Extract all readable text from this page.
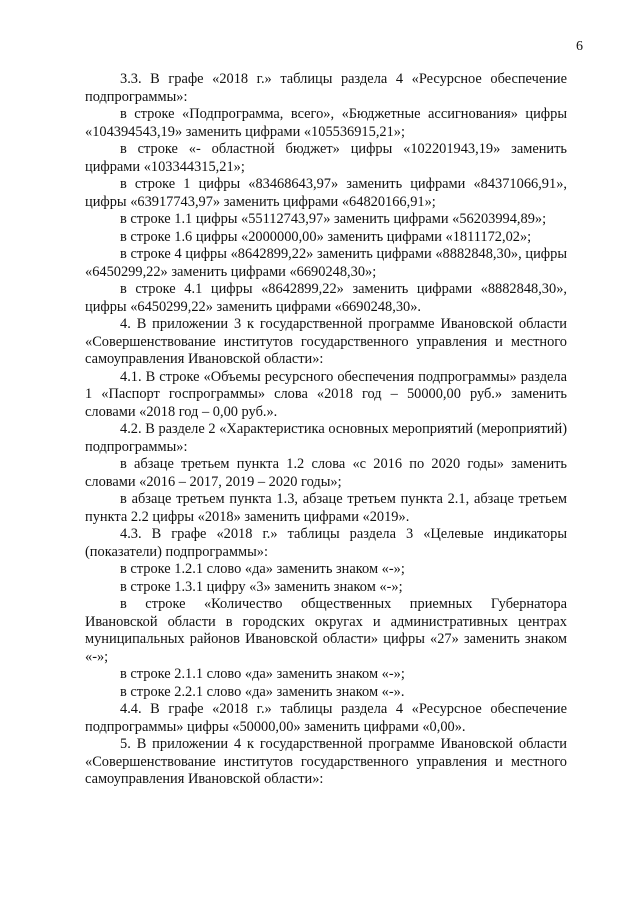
6

3.3. В графе «2018 г.» таблицы раздела 4 «Ресурсное обеспечение подпрограммы»:

в строке «Подпрограмма, всего», «Бюджетные ассигнования» цифры «104394543,19» заменить цифрами «105536915,21»;

в строке «- областной бюджет» цифры «102201943,19» заменить цифрами «103344315,21»;

в строке 1 цифры «83468643,97» заменить цифрами «84371066,91», цифры «63917743,97» заменить цифрами «64820166,91»;

в строке 1.1 цифры «55112743,97» заменить цифрами «56203994,89»;

в строке 1.6 цифры «2000000,00» заменить цифрами «1811172,02»;

в строке 4 цифры «8642899,22» заменить цифрами «8882848,30», цифры «6450299,22» заменить цифрами «6690248,30»;

в строке 4.1 цифры «8642899,22» заменить цифрами «8882848,30», цифры «6450299,22» заменить цифрами «6690248,30».

4. В приложении 3 к государственной программе Ивановской области «Совершенствование институтов государственного управления и местного самоуправления Ивановской области»:

4.1. В строке «Объемы ресурсного обеспечения подпрограммы» раздела 1 «Паспорт госпрограммы» слова «2018 год – 50000,00 руб.» заменить словами «2018 год – 0,00 руб.».

4.2. В разделе 2 «Характеристика основных мероприятий (мероприятий) подпрограммы»:

в абзаце третьем пункта 1.2 слова «с 2016 по 2020 годы» заменить словами «2016 – 2017, 2019 – 2020 годы»;

в абзаце третьем пункта 1.3, абзаце третьем пункта 2.1, абзаце третьем пункта 2.2 цифры «2018» заменить цифрами «2019».

4.3. В графе «2018 г.» таблицы раздела 3 «Целевые индикаторы (показатели) подпрограммы»:

в строке 1.2.1 слово «да» заменить знаком «-»;

в строке 1.3.1 цифру «3» заменить знаком «-»;

в строке «Количество общественных приемных Губернатора Ивановской области в городских округах и административных центрах муниципальных районов Ивановской области» цифры «27» заменить знаком «-»;

в строке 2.1.1 слово «да» заменить знаком «-»;

в строке 2.2.1 слово «да» заменить знаком «-».

4.4. В графе «2018 г.» таблицы раздела 4 «Ресурсное обеспечение подпрограммы» цифры «50000,00» заменить цифрами «0,00».

5. В приложении 4 к государственной программе Ивановской области «Совершенствование институтов государственного управления и местного самоуправления Ивановской области»:
